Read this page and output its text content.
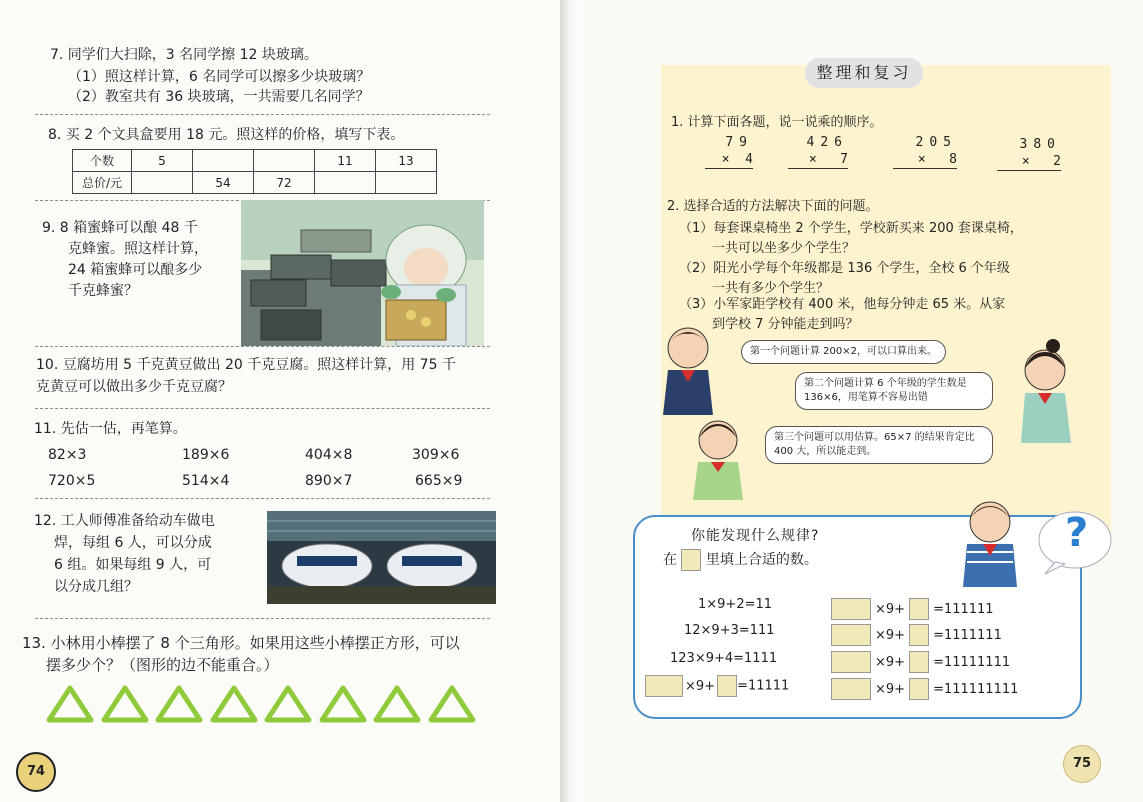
7. 同学们大扫除，3 名同学擦 12 块玻璃。
（1）照这样计算，6 名同学可以擦多少块玻璃？
（2）教室共有 36 块玻璃，一共需要几名同学？
8. 买 2 个文具盒要用 18 元。照这样的价格，填写下表。
个数	5			11	13
总价/元		54	72		
9. 8 箱蜜蜂可以酿 48 千
克蜂蜜。照这样计算，
24 箱蜜蜂可以酿多少
千克蜂蜜？
10. 豆腐坊用 5 千克黄豆做出 20 千克豆腐。照这样计算，用 75 千
克黄豆可以做出多少千克豆腐？
11. 先估一估，再笔算。
82×3	189×6	404×8	309×6
720×5	514×4	890×7	665×9
12. 工人师傅准备给动车做电
焊，每组 6 人，可以分成
6 组。如果每组 9 人，可
以分成几组？
13. 小林用小棒摆了 8 个三角形。如果用这些小棒摆正方形，可以
摆多少个？（图形的边不能重合。）
74
整理和复习
1. 计算下面各题，说一说乘的顺序。
79
×  4
426
×   7
205
×   8
380
×   2
2. 选择合适的方法解决下面的问题。
（1）每套课桌椅坐 2 个学生，学校新买来 200 套课桌椅，
一共可以坐多少个学生？
（2）阳光小学每个年级都是 136 个学生，全校 6 个年级
一共有多少个学生？
（3）小军家距学校有 400 米，他每分钟走 65 米。从家
到学校 7 分钟能走到吗？
第一个问题计算 200×2，可以口算出来。
第二个问题计算 6 个年级的学生数是 136×6，用笔算不容易出错
第三个问题可以用估算。65×7 的结果肯定比 400 大，所以能走到。
你能发现什么规律?
在 里填上合适的数。
?
1×9+2=11
12×9+3=111
123×9+4=1111
×9+ =11111
×9+ =111111
×9+ =1111111
×9+ =11111111
×9+ =111111111
75
